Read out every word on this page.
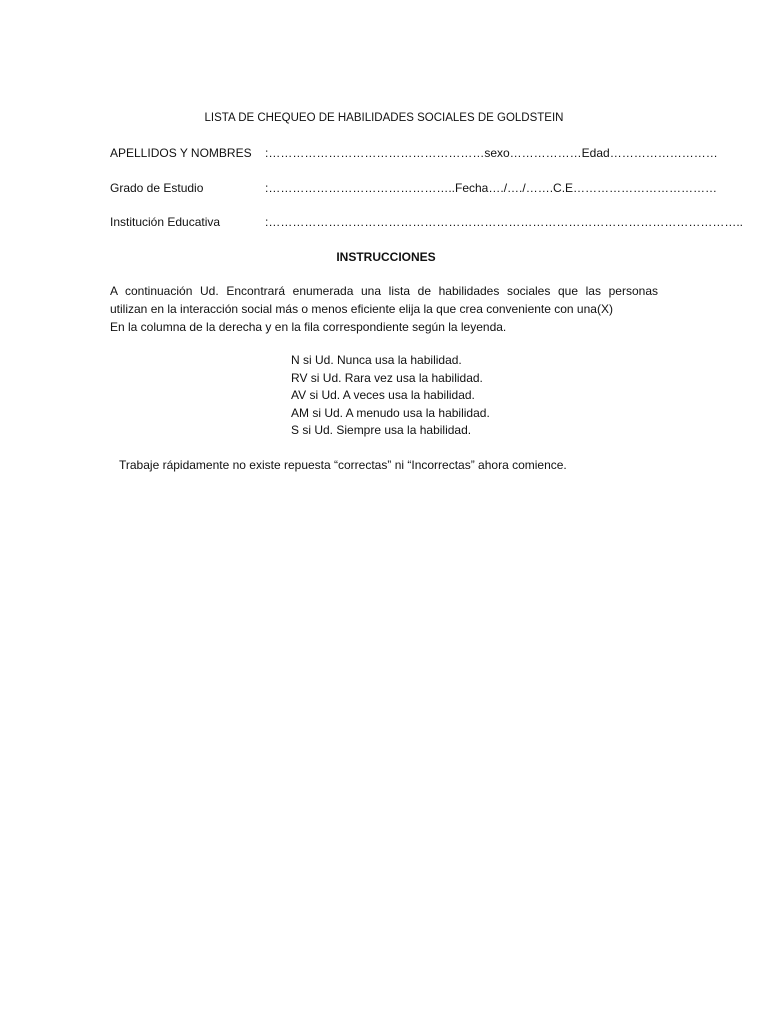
LISTA DE CHEQUEO DE HABILIDADES SOCIALES DE GOLDSTEIN
APELLIDOS Y NOMBRES :………………………………………………sexo………………Edad………………………
Grado de Estudio	:………………………………………..Fecha…./…./…….C.E………………………………
Institución Educativa	:………………………………………………………………………………………………………..
INSTRUCCIONES
A continuación Ud. Encontrará enumerada una lista de habilidades sociales que las personas
utilizan en la interacción social más o menos eficiente elija la que crea conveniente con una(X)
En la columna de la derecha y en la fila correspondiente según la leyenda.
N si Ud. Nunca usa la habilidad.
RV si Ud. Rara vez usa la habilidad.
AV si Ud. A veces usa la habilidad.
AM si Ud. A menudo usa la habilidad.
S si Ud. Siempre usa la habilidad.
Trabaje rápidamente no existe repuesta “correctas” ni “Incorrectas” ahora comience.
